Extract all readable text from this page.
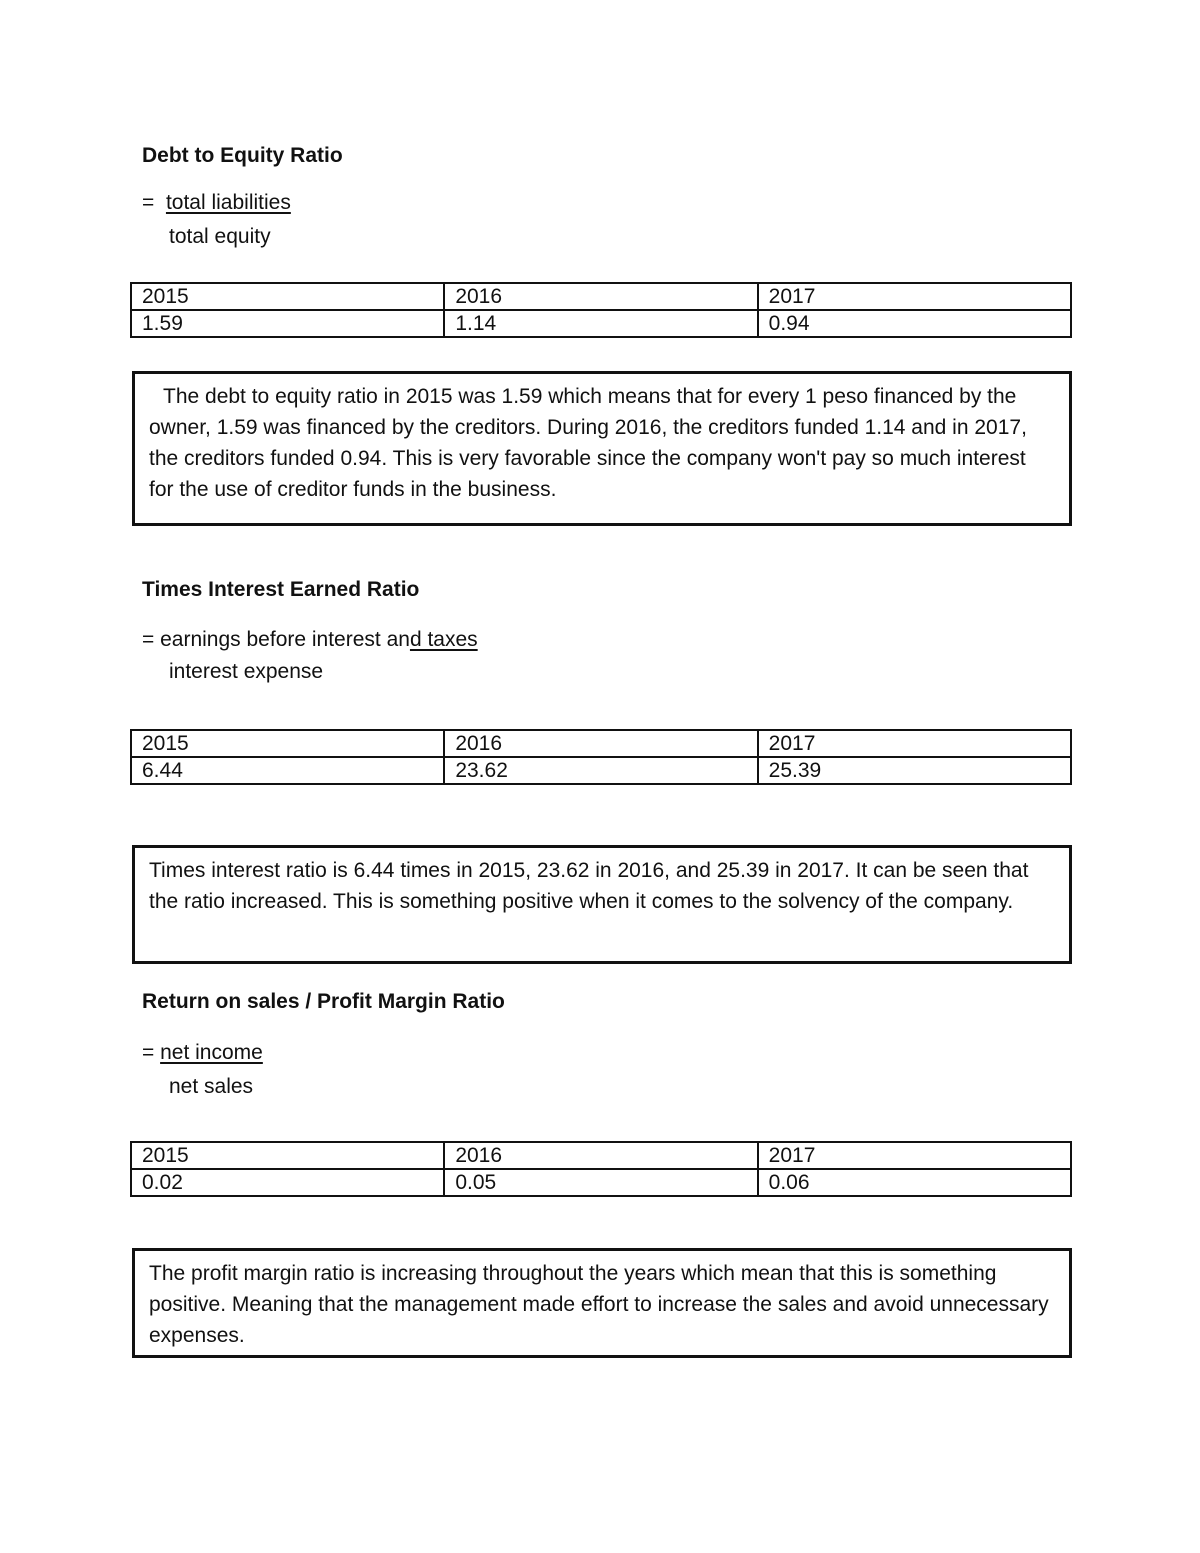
Debt to Equity Ratio
= total liabilities
total equity
2015	2016	2017
1.59	1.14	0.94
The debt to equity ratio in 2015 was 1.59 which means that for every 1 peso financed by the owner, 1.59 was financed by the creditors. During 2016, the creditors funded 1.14 and in 2017, the creditors funded 0.94. This is very favorable since the company won't pay so much interest for the use of creditor funds in the business.
Times Interest Earned Ratio
= earnings before interest and taxes
interest expense
2015	2016	2017
6.44	23.62	25.39
Times interest ratio is 6.44 times in 2015, 23.62 in 2016, and 25.39 in 2017. It can be seen that the ratio increased. This is something positive when it comes to the solvency of the company.
Return on sales / Profit Margin Ratio
= net income
net sales
2015	2016	2017
0.02	0.05	0.06
The profit margin ratio is increasing throughout the years which mean that this is something positive. Meaning that the management made effort to increase the sales and avoid unnecessary expenses.
